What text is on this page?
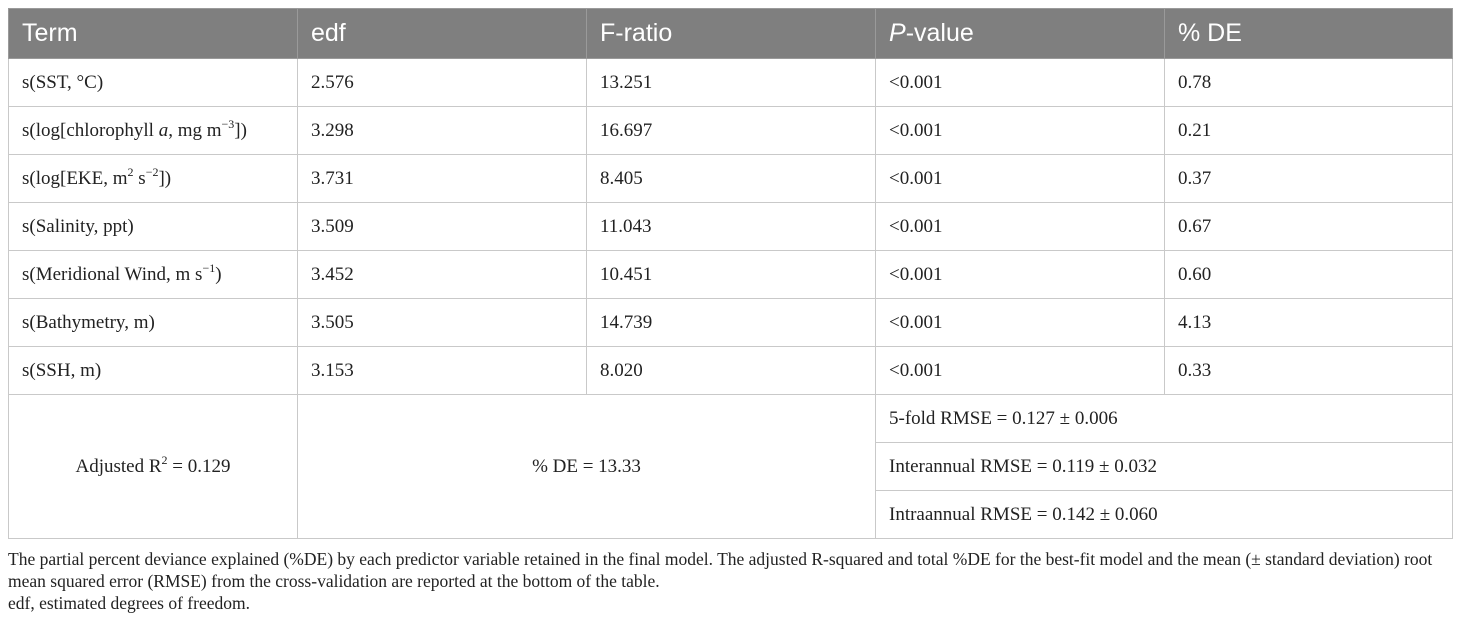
Term	edf	F-ratio	P-value	% DE
s(SST, °C)	2.576	13.251	<0.001	0.78
s(log[chlorophyll a, mg $m^{-3}$])	3.298	16.697	<0.001	0.21
s(log[EKE, $m^2$ $s^{-2}$])	3.731	8.405	<0.001	0.37
s(Salinity, ppt)	3.509	11.043	<0.001	0.67
s(Meridional Wind, m $s^{-1}$)	3.452	10.451	<0.001	0.60
s(Bathymetry, m)	3.505	14.739	<0.001	4.13
s(SSH, m)	3.153	8.020	<0.001	0.33
Adjusted $R^2 = 0.129$	% DE = 13.33		5-fold RMSE = 0.127 ± 0.006	
			Interannual RMSE = 0.119 ± 0.032	
			Intraannual RMSE = 0.142 ± 0.060	

The partial percent deviance explained (%DE) by each predictor variable retained in the final model. The adjusted R-squared and total %DE for the best-fit model and the mean (± standard deviation) root mean squared error (RMSE) from the cross-validation are reported at the bottom of the table.

edf, estimated degrees of freedom.
